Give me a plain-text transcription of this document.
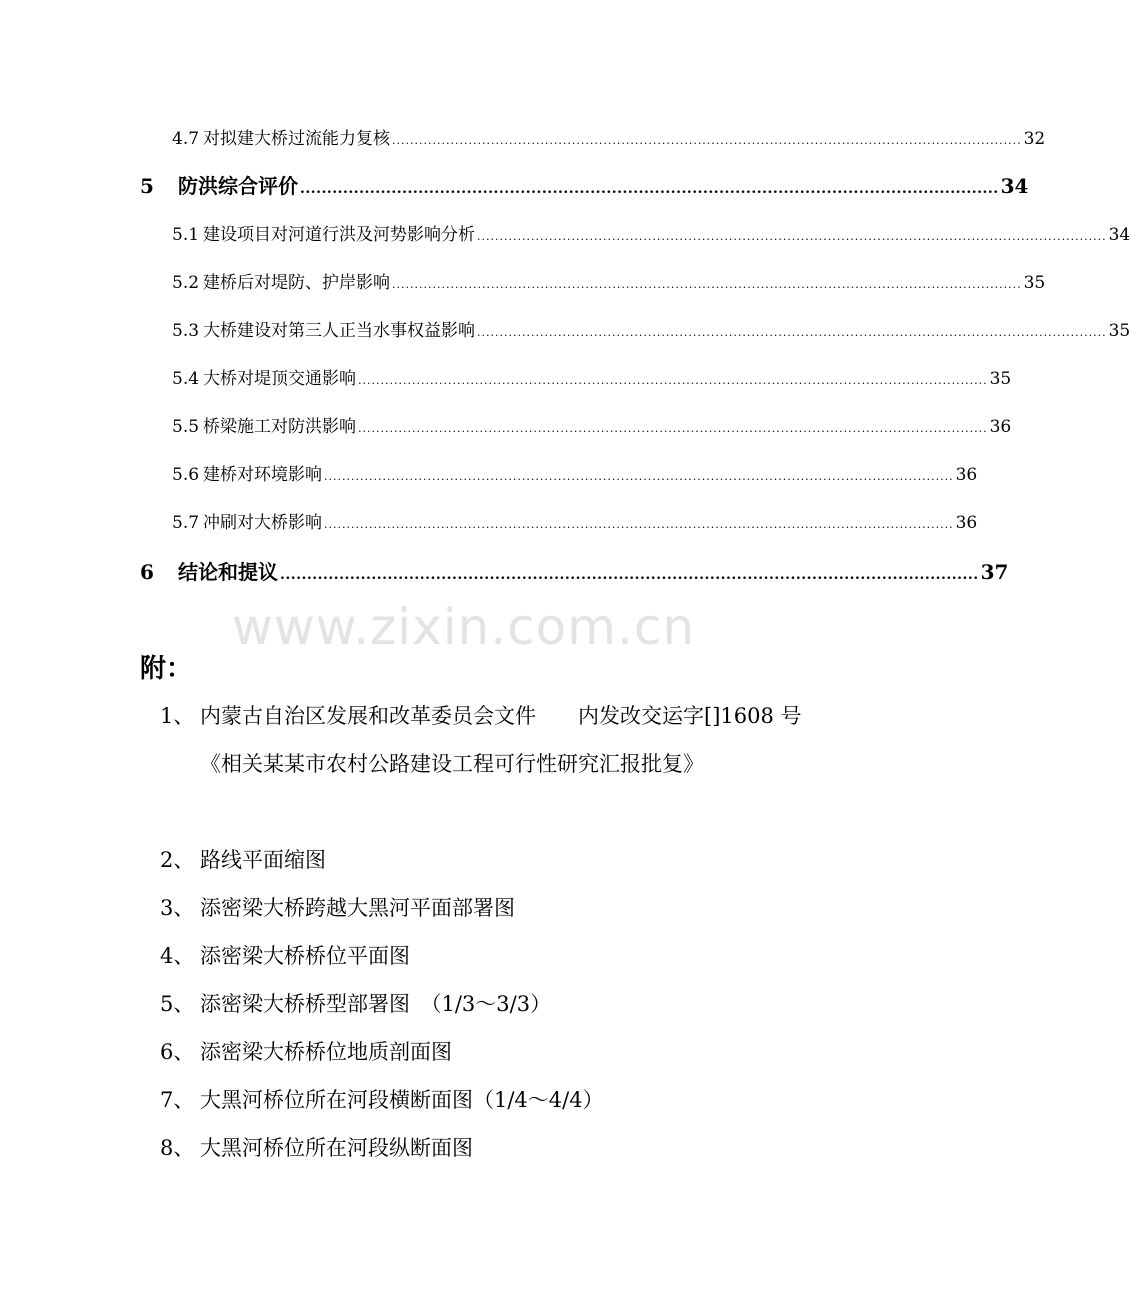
4.7 对拟建大桥过流能力复核 ............................................................................................................................................ 32
5	防洪综合评价 .................................................................................................................................. 34
5.1 建设项目对河道行洪及河势影响分析 ............................................................................................................................................ 34
5.2 建桥后对堤防、护岸影响 ............................................................................................................................................ 35
5.3 大桥建设对第三人正当水事权益影响 ............................................................................................................................................ 35
5.4 大桥对堤顶交通影响 ............................................................................................................................................ 35
5.5 桥梁施工对防洪影响 ............................................................................................................................................ 36
5.6 建桥对环境影响 ............................................................................................................................................ 36
5.7 冲刷对大桥影响 ............................................................................................................................................ 36
6	结论和提议 .................................................................................................................................. 37
www.zixin.com.cn
附：
1、 内蒙古自治区发展和改革委员会文件　　内发改交运字[]1608 号《相关某某市农村公路建设工程可行性研究汇报批复》
2、 路线平面缩图
3、 添密梁大桥跨越大黑河平面部署图
4、 添密梁大桥桥位平面图
5、 添密梁大桥桥型部署图　（1/3～3/3）
6、 添密梁大桥桥位地质剖面图
7、 大黑河桥位所在河段横断面图（1/4～4/4）
8、 大黑河桥位所在河段纵断面图
